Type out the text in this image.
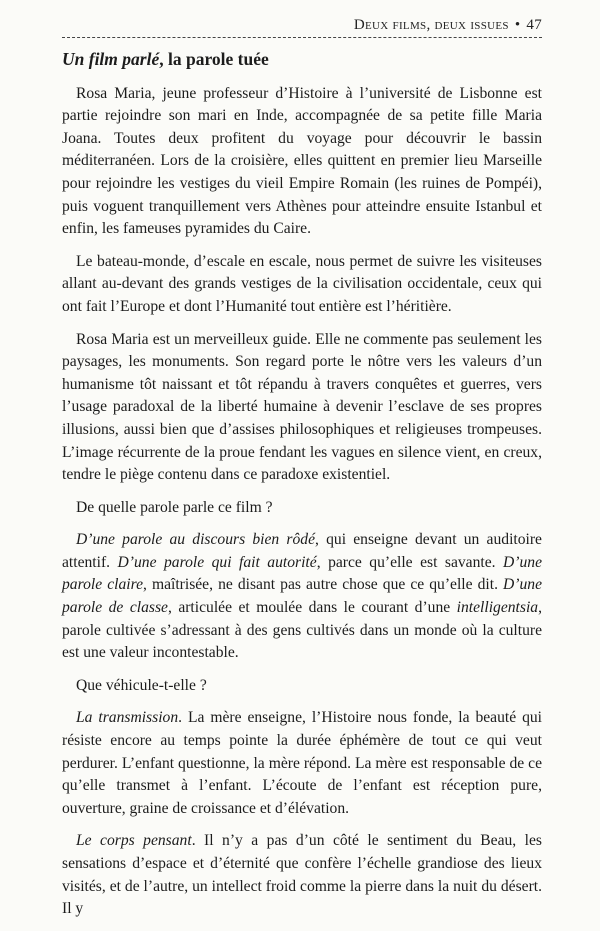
Deux films, deux issues • 47
Un film parlé, la parole tuée

Rosa Maria, jeune professeur d’Histoire à l’université de Lisbonne est partie rejoindre son mari en Inde, accompagnée de sa petite fille Maria Joana. Toutes deux profitent du voyage pour découvrir le bassin méditerranéen. Lors de la croisière, elles quittent en premier lieu Marseille pour rejoindre les vestiges du vieil Empire Romain (les ruines de Pompéi), puis voguent tranquillement vers Athènes pour atteindre ensuite Istanbul et enfin, les fameuses pyramides du Caire.

Le bateau-monde, d’escale en escale, nous permet de suivre les visiteuses allant au-devant des grands vestiges de la civilisation occidentale, ceux qui ont fait l’Europe et dont l’Humanité tout entière est l’héritière.

Rosa Maria est un merveilleux guide. Elle ne commente pas seulement les paysages, les monuments. Son regard porte le nôtre vers les valeurs d’un humanisme tôt naissant et tôt répandu à travers conquêtes et guerres, vers l’usage paradoxal de la liberté humaine à devenir l’esclave de ses propres illusions, aussi bien que d’assises philosophiques et religieuses trompeuses. L’image récurrente de la proue fendant les vagues en silence vient, en creux, tendre le piège contenu dans ce paradoxe existentiel.

De quelle parole parle ce film ?

D’une parole au discours bien rôdé, qui enseigne devant un auditoire attentif. D’une parole qui fait autorité, parce qu’elle est savante. D’une parole claire, maîtrisée, ne disant pas autre chose que ce qu’elle dit. D’une parole de classe, articulée et moulée dans le courant d’une intelligentsia, parole cultivée s’adressant à des gens cultivés dans un monde où la culture est une valeur incontestable.

Que véhicule-t-elle ?

La transmission. La mère enseigne, l’Histoire nous fonde, la beauté qui résiste encore au temps pointe la durée éphémère de tout ce qui veut perdurer. L’enfant questionne, la mère répond. La mère est responsable de ce qu’elle transmet à l’enfant. L’écoute de l’enfant est réception pure, ouverture, graine de croissance et d’élévation.

Le corps pensant. Il n’y a pas d’un côté le sentiment du Beau, les sensations d’espace et d’éternité que confère l’échelle grandiose des lieux visités, et de l’autre, un intellect froid comme la pierre dans la nuit du désert. Il y
